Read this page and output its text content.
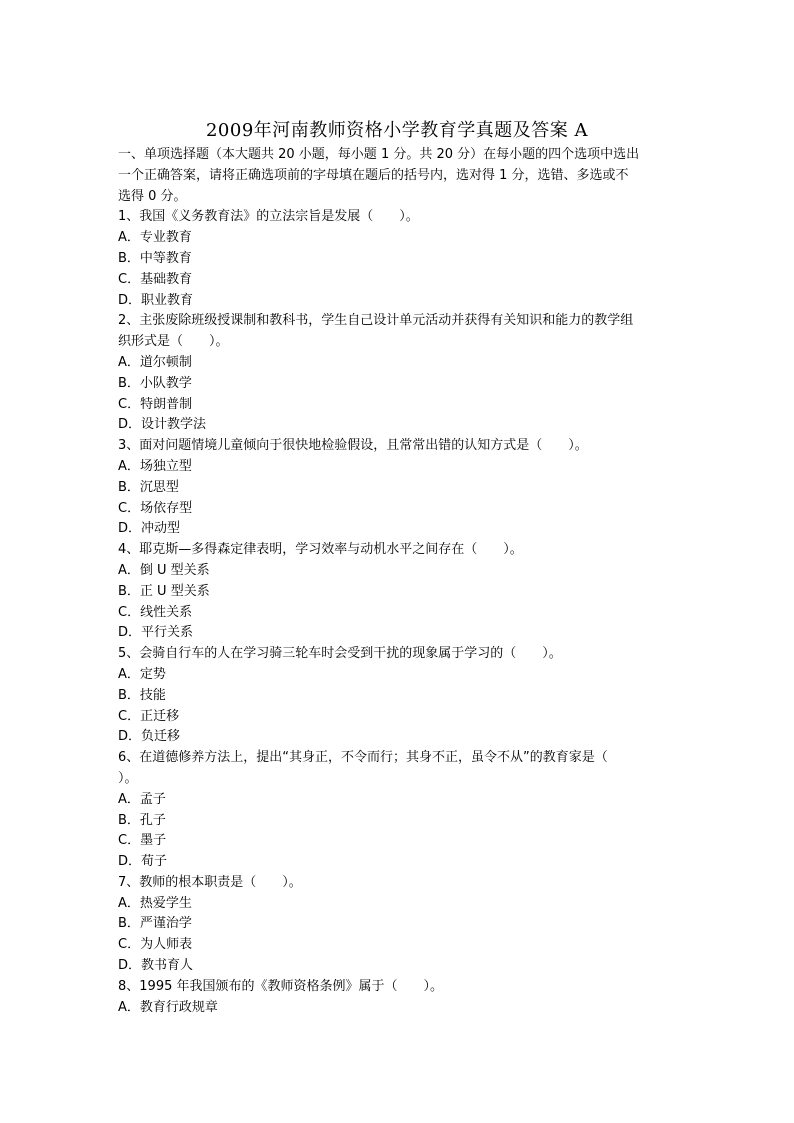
2009年河南教师资格小学教育学真题及答案 A
一、单项选择题（本大题共 20 小题，每小题 1 分。共 20 分）在每小题的四个选项中选出
一个正确答案，请将正确选项前的字母填在题后的括号内，选对得 1 分，选错、多选或不
选得 0 分。
1、我国《义务教育法》的立法宗旨是发展（　　）。
A．专业教育
B．中等教育
C．基础教育
D．职业教育
2、主张废除班级授课制和教科书，学生自己设计单元活动并获得有关知识和能力的教学组
织形式是（　　）。
A．道尔顿制
B．小队教学
C．特朗普制
D．设计教学法
3、面对问题情境儿童倾向于很快地检验假设，且常常出错的认知方式是（　　）。
A．场独立型
B．沉思型
C．场依存型
D．冲动型
4、耶克斯—多得森定律表明，学习效率与动机水平之间存在（　　）。
A．倒 U 型关系
B．正 U 型关系
C．线性关系
D．平行关系
5、会骑自行车的人在学习骑三轮车时会受到干扰的现象属于学习的（　　）。
A．定势
B．技能
C．正迁移
D．负迁移
6、在道德修养方法上，提出“其身正，不令而行；其身不正，虽令不从”的教育家是（
）。
A．孟子
B．孔子
C．墨子
D．荀子
7、教师的根本职责是（　　）。
A．热爱学生
B．严谨治学
C．为人师表
D．教书育人
8、1995 年我国颁布的《教师资格条例》属于（　　）。
A．教育行政规章
